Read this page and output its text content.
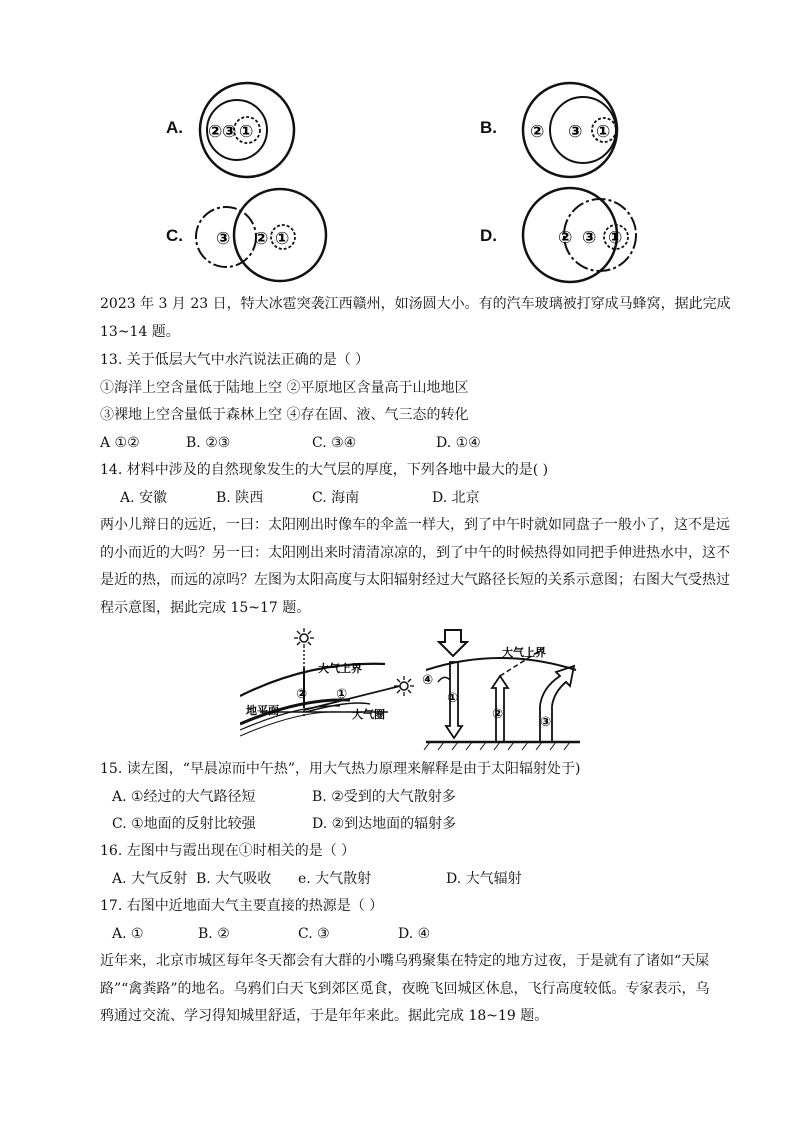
A. ② ③ ①	B. ② ③ ①
C. ③ ② ①	D.	② ③ ①
2023 年 3 月 23 日，特大冰雹突袭江西赣州，如汤圆大小。有的汽车玻璃被打穿成马蜂窝，据此完成
13~14 题。
13. 关于低层大气中水汽说法正确的是（ ）
①海洋上空含量低于陆地上空 ②平原地区含量高于山地地区
③裸地上空含量低于森林上空 ④存在固、液、气三态的转化
A ①②	B. ②③	C. ③④	D. ①④
14. 材料中涉及的自然现象发生的大气层的厚度，下列各地中最大的是( )
A. 安徽	B. 陕西	C. 海南	D. 北京
两小儿辩日的远近，一曰：太阳刚出时像车的伞盖一样大，到了中午时就如同盘子一般小了，这不是远
的小而近的大吗？另一曰：太阳刚出来时清清凉凉的，到了中午的时候热得如同把手伸进热水中，这不
是近的热，而远的凉吗？左图为太阳高度与太阳辐射经过大气路径长短的关系示意图；右图大气受热过
程示意图，据此完成 15~17 题。
大气上界
地平面	大气圈
①
②
大气上界
①
②
③
④
15. 读左图，“早晨凉而中午热”，用大气热力原理来解释是由于太阳辐射处于)
A. ①经过的大气路径短	B. ②受到的大气散射多
C. ①地面的反射比较强	D. ②到达地面的辐射多
16. 左图中与霞出现在①时相关的是（ ）
A. 大气反射 B. 大气吸收 e. 大气散射	D. 大气辐射
17. 右图中近地面大气主要直接的热源是（ ）
A. ①	B. ②	C. ③	D. ④
近年来，北京市城区每年冬天都会有大群的小嘴乌鸦聚集在特定的地方过夜，于是就有了诸如“天屎
路”“禽粪路”的地名。乌鸦们白天飞到郊区觅食，夜晚飞回城区休息，飞行高度较低。专家表示，乌
鸦通过交流、学习得知城里舒适，于是年年来此。据此完成 18~19 题。
